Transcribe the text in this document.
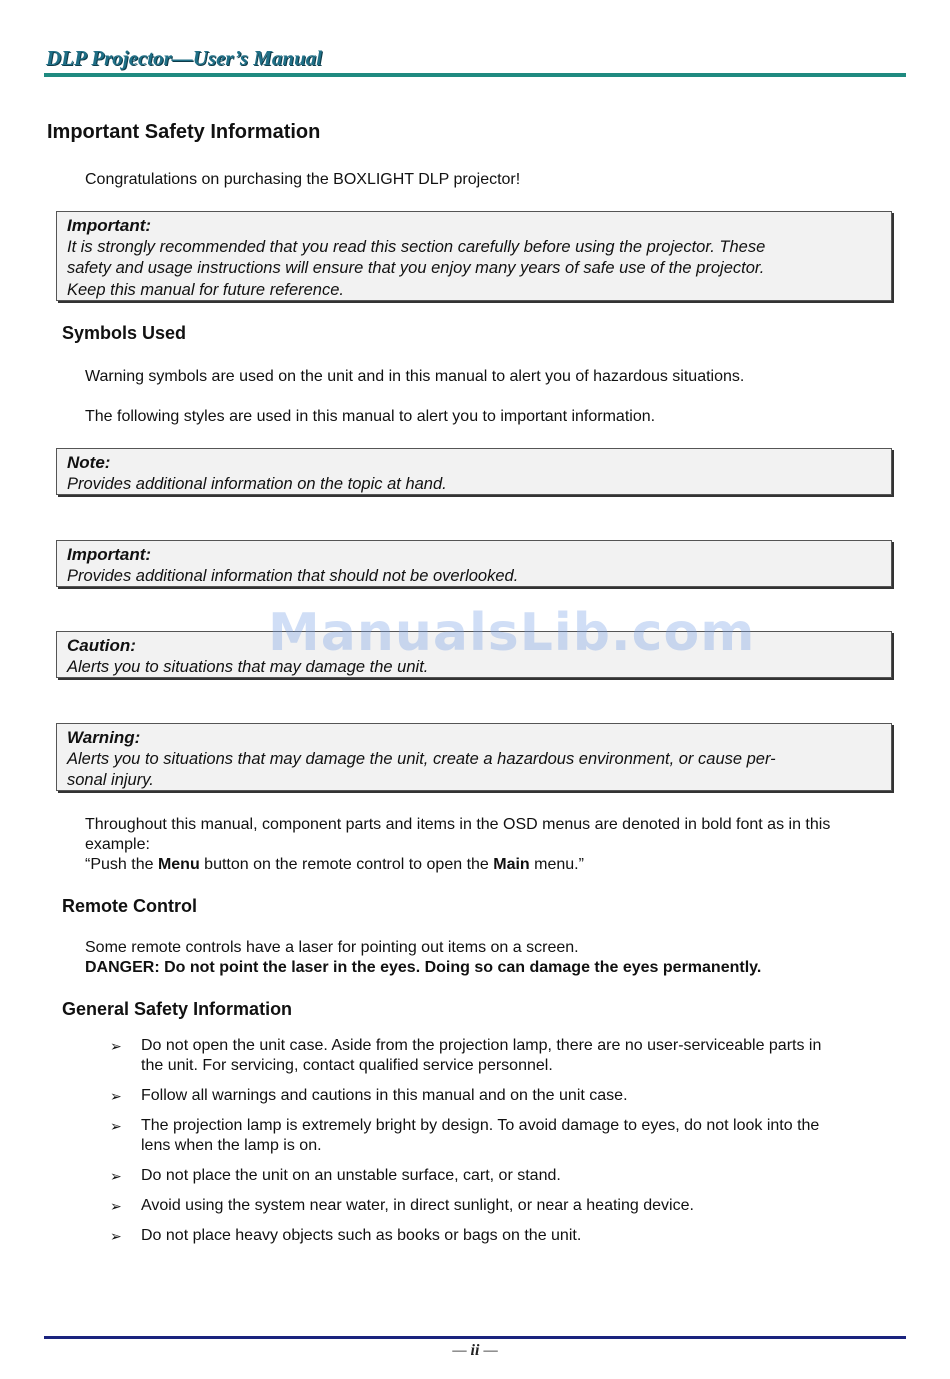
DLP Projector—User’s Manual
Important Safety Information
Congratulations on purchasing the BOXLIGHT DLP projector!
Important:
It is strongly recommended that you read this section carefully before using the projector. These
safety and usage instructions will ensure that you enjoy many years of safe use of the projector.
Keep this manual for future reference.
Symbols Used
Warning symbols are used on the unit and in this manual to alert you of hazardous situations.
The following styles are used in this manual to alert you to important information.
Note:
Provides additional information on the topic at hand.
Important:
Provides additional information that should not be overlooked.
Caution:
Alerts you to situations that may damage the unit.
Warning:
Alerts you to situations that may damage the unit, create a hazardous environment, or cause per-
sonal injury.
Throughout this manual, component parts and items in the OSD menus are denoted in bold font as in this
example:
“Push the Menu button on the remote control to open the Main menu.”
Remote Control
Some remote controls have a laser for pointing out items on a screen.
DANGER: Do not point the laser in the eyes. Doing so can damage the eyes permanently.
General Safety Information
➢ Do not open the unit case. Aside from the projection lamp, there are no user-serviceable parts in
the unit. For servicing, contact qualified service personnel.
➢ Follow all warnings and cautions in this manual and on the unit case.
➢ The projection lamp is extremely bright by design. To avoid damage to eyes, do not look into the
lens when the lamp is on.
➢ Do not place the unit on an unstable surface, cart, or stand.
➢ Avoid using the system near water, in direct sunlight, or near a heating device.
➢ Do not place heavy objects such as books or bags on the unit.
ManualsLib.com
— ii —
